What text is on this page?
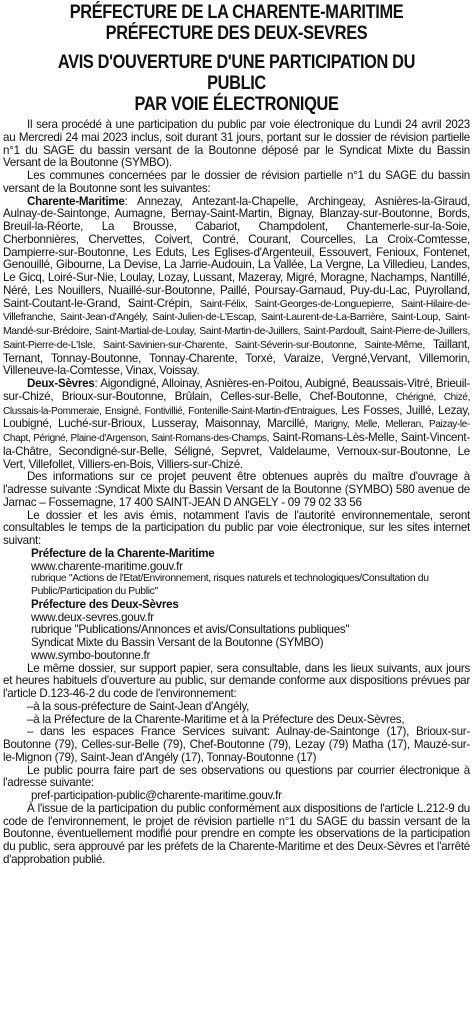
PRÉFECTURE DE LA CHARENTE-MARITIME
PRÉFECTURE DES DEUX-SEVRES
AVIS D'OUVERTURE D'UNE PARTICIPATION DU PUBLIC
PAR VOIE ÉLECTRONIQUE

Il sera procédé à une participation du public par voie électronique du Lundi 24 avril 2023 au Mercredi 24 mai 2023 inclus, soit durant 31 jours, portant sur le dossier de révision partielle n°1 du SAGE du bassin versant de la Boutonne déposé par le Syndicat Mixte du Bassin Versant de la Boutonne (SYMBO).

Les communes concernées par le dossier de révision partielle n°1 du SAGE du bassin versant de la Boutonne sont les suivantes:

Charente-Maritime: Annezay, Antezant-la-Chapelle, Archingeay, Asnières-la-Giraud, Aulnay-de-Saintonge, Aumagne, Bernay-Saint-Martin, Bignay, Blanzay-sur-Boutonne, Bords, Breuil-la-Réorte, La Brousse, Cabariot, Champdolent, Chantemerle-sur-la-Soie, Cherbonnières, Chervettes, Coivert, Contré, Courant, Courcelles, La Croix-Comtesse, Dampierre-sur-Boutonne, Les Eduts, Les Eglises-d'Argenteuil, Essouvert, Fenioux, Fontenet, Genouillé, Gibourne, La Devise, La Jarrie-Audouin, La Vallée, La Vergne, La Villedieu, Landes, Le Gicq, Loiré-Sur-Nie, Loulay, Lozay, Lussant, Mazeray, Migré, Moragne, Nachamps, Nantillé, Néré, Les Nouillers, Nuaillé-sur-Boutonne, Paillé, Poursay-Garnaud, Puy-du-Lac, Puyrolland, Saint-Coutant-le-Grand, Saint-Crépin, Saint-Félix, Saint-Georges-de-Longuepierre, Saint-Hilaire-de-Villefranche, Saint-Jean-d'Angély, Saint-Julien-de-L'Escap, Saint-Laurent-de-La-Barrière, Saint-Loup, Saint-Mandé-sur-Brédoire, Saint-Martial-de-Loulay, Saint-Martin-de-Juillers, Saint-Pardoult, Saint-Pierre-de-Juillers, Saint-Pierre-de-L'Isle, Saint-Savinien-sur-Charente, Saint-Séverin-sur-Boutonne, Sainte-Même, Taillant, Ternant, Tonnay-Boutonne, Tonnay-Charente, Torxé, Varaize, Vergné,Vervant, Villemorin, Villeneuve-la-Comtesse, Vinax, Voissay.

Deux-Sèvres: Aigondigné, Alloinay, Asnières-en-Poitou, Aubigné, Beaussais-Vitré, Brieuil-sur-Chizé, Brioux-sur-Boutonne, Brûlain, Celles-sur-Belle, Chef-Boutonne, Chérigné, Chizé, Clussais-la-Pommeraie, Ensigné, Fontivillié, Fontenille-Saint-Martin-d'Entraigues, Les Fosses, Juillé, Lezay, Loubigné, Luché-sur-Brioux, Lusseray, Maisonnay, Marcillé, Marigny, Melle, Melleran, Paizay-le-Chapt, Périgné, Plaine-d'Argenson, Saint-Romans-des-Champs, Saint-Romans-Lès-Melle, Saint-Vincent-la-Châtre, Secondigné-sur-Belle, Séligné, Sepvret, Valdelaume, Vernoux-sur-Boutonne, Le Vert, Villefollet, Villiers-en-Bois, Villiers-sur-Chizé.

Des informations sur ce projet peuvent être obtenues auprès du maître d'ouvrage à l'adresse suivante :Syndicat Mixte du Bassin Versant de la Boutonne (SYMBO) 580 avenue de Jarnac – Fossemagne, 17 400 SAINT-JEAN D ANGELY - 09 79 02 33 56

Le dossier et les avis émis, notamment l'avis de l'autorité environnementale, seront consultables le temps de la participation du public par voie électronique, sur les sites internet suivant:

Préfecture de la Charente-Maritime

www.charente-maritime.gouv.fr

rubrique "Actions de l'Etat/Environnement, risques naturels et technologiques/Consultation du Public/Participation du Public"

Préfecture des Deux-Sèvres

www.deux-sevres.gouv.fr

rubrique "Publications/Annonces et avis/Consultations publiques"

Syndicat Mixte du Bassin Versant de la Boutonne (SYMBO)

www.symbo-boutonne.fr

Le même dossier, sur support papier, sera consultable, dans les lieux suivants, aux jours et heures habituels d'ouverture au public, sur demande conforme aux dispositions prévues par l'article D.123-46-2 du code de l'environnement:

–à la sous-préfecture de Saint-Jean d'Angély,

–à la Préfecture de la Charente-Maritime et à la Préfecture des Deux-Sèvres,

– dans les espaces France Services suivant: Aulnay-de-Saintonge (17), Brioux-sur-Boutonne (79), Celles-sur-Belle (79), Chef-Boutonne (79), Lezay (79) Matha (17), Mauzé-sur-le-Mignon (79), Saint-Jean d'Angély (17), Tonnay-Boutonne (17)

Le public pourra faire part de ses observations ou questions par courrier électronique à l'adresse suivante:

pref-participation-public@charente-maritime.gouv.fr

À l'issue de la participation du public conformément aux dispositions de l'article L.212-9 du code de l'environnement, le projet de révision partielle n°1 du SAGE du bassin versant de la Boutonne, éventuellement modifié pour prendre en compte les observations de la participation du public, sera approuvé par les préfets de la Charente-Maritime et des Deux-Sèvres et l'arrêté d'approbation publié.
